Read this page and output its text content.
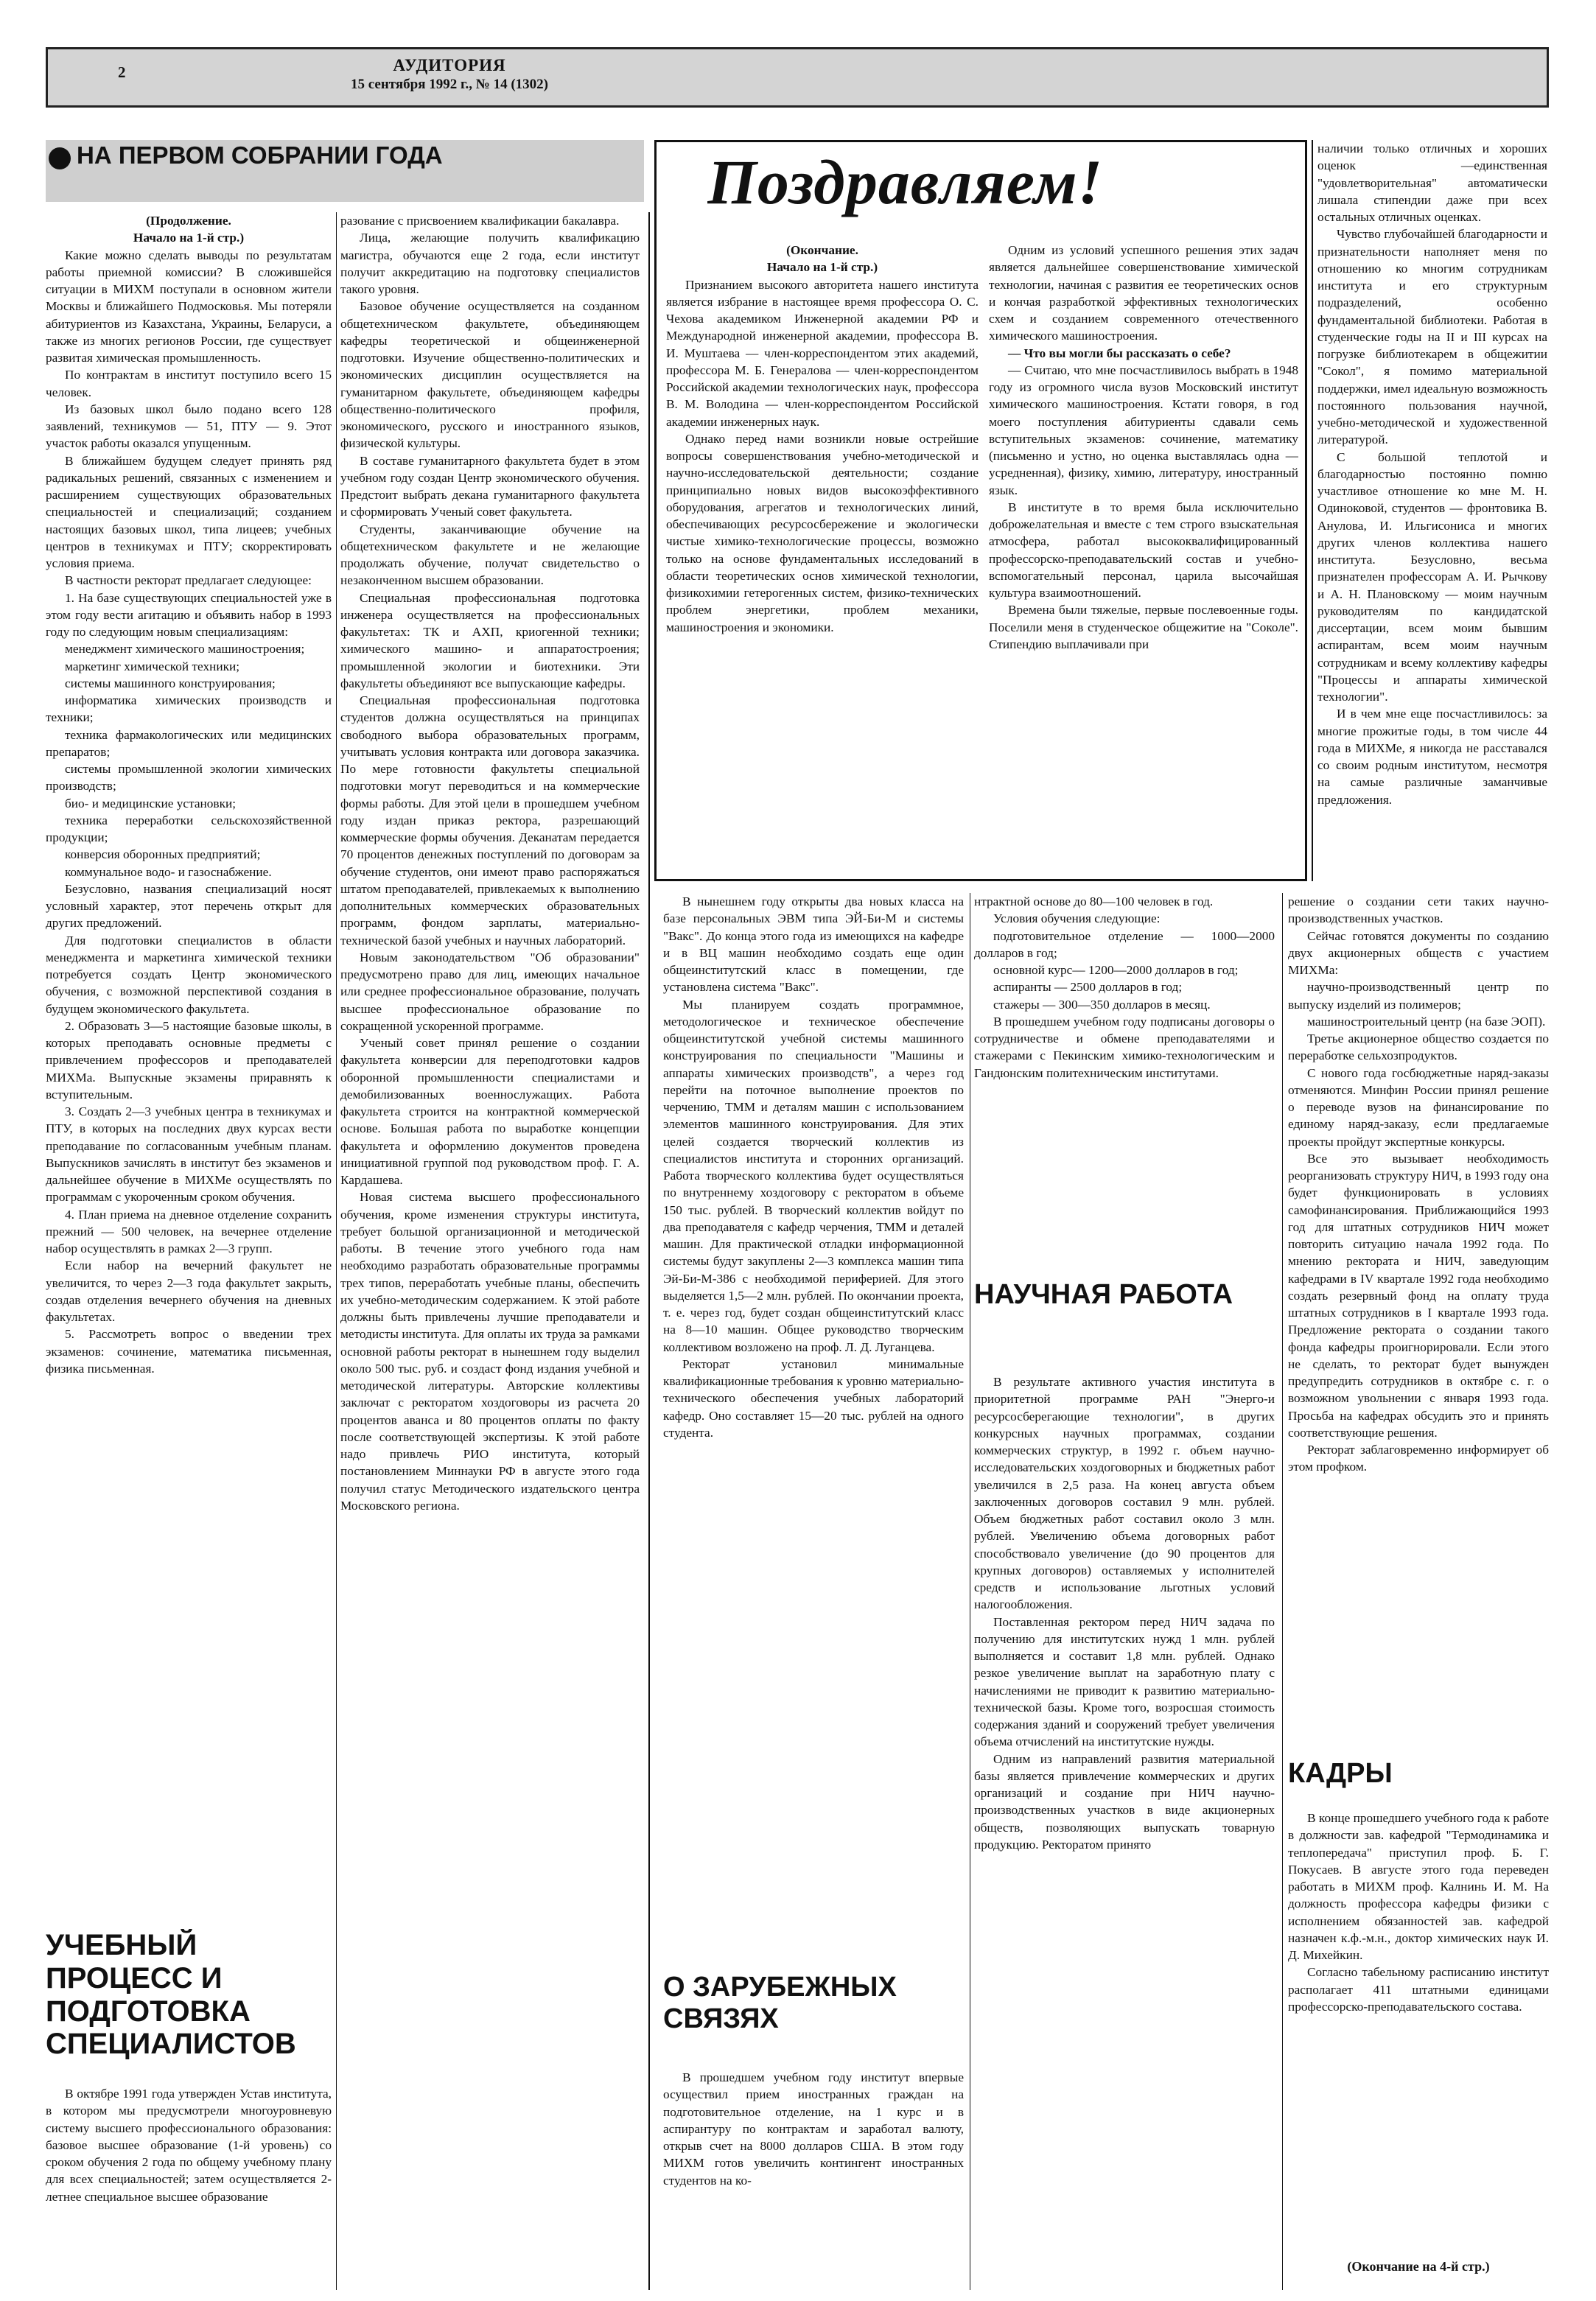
2	АУДИТОРИЯ
15 сентября 1992 г., № 14 (1302)
НА ПЕРВОМ СОБРАНИИ ГОДА

(Продолжение.

Начало на 1-й стр.)

Какие можно сделать выводы по результатам работы приемной комиссии? В сложившейся ситуации в МИХМ поступали в основном жители Москвы и ближайшего Подмосковья. Мы потеряли абитуриентов из Казахстана, Украины, Беларуси, а также из многих регионов России, где существует развитая химическая промышленность.

По контрактам в институт поступило всего 15 человек.

Из базовых школ было подано всего 128 заявлений, техникумов — 51, ПТУ — 9. Этот участок работы оказался упущенным.

В ближайшем будущем следует принять ряд радикальных решений, связанных с изменением и расширением существующих образовательных специальностей и специализаций; созданием настоящих базовых школ, типа лицеев; учебных центров в техникумах и ПТУ; скорректировать условия приема.

В частности ректорат предлагает следующее:

1. На базе существующих специальностей уже в этом году вести агитацию и объявить набор в 1993 году по следующим новым специализациям:

менеджмент химического машиностроения;

маркетинг химической техники;

системы машинного конструирования;

информатика химических производств и техники;

техника фармакологических или медицинских препаратов;

системы промышленной экологии химических производств;

био- и медицинские установки;

техника переработки сельскохозяйственной продукции;

конверсия оборонных предприятий;

коммунальное водо- и газоснабжение.

Безусловно, названия специализаций носят условный характер, этот перечень открыт для других предложений.

Для подготовки специалистов в области менеджмента и маркетинга химической техники потребуется создать Центр экономического обучения, с возможной перспективой создания в будущем экономического факультета.

2. Образовать 3—5 настоящие базовые школы, в которых преподавать основные предметы с привлечением профессоров и преподавателей МИХМа. Выпускные экзамены приравнять к вступительным.

3. Создать 2—3 учебных центра в техникумах и ПТУ, в которых на последних двух курсах вести преподавание по согласованным учебным планам. Выпускников зачислять в институт без экзаменов и дальнейшее обучение в МИХМе осуществлять по программам с укороченным сроком обучения.

4. План приема на дневное отделение сохранить прежний — 500 человек, на вечернее отделение набор осуществлять в рамках 2—3 групп.

Если набор на вечерний факультет не увеличится, то через 2—3 года факультет закрыть, создав отделения вечернего обучения на дневных факультетах.

5. Рассмотреть вопрос о введении трех экзаменов: сочинение, математика письменная, физика письменная.

УЧЕБНЫЙ ПРОЦЕСС И ПОДГОТОВКА СПЕЦИАЛИСТОВ

В октябре 1991 года утвержден Устав института, в котором мы предусмотрели многоуровневую систему высшего профессионального образования: базовое высшее образование (1-й уровень) со сроком обучения 2 года по общему учебному плану для всех специальностей; затем осуществляется 2-летнее специальное высшее образование

разование с присвоением квалификации бакалавра.

Лица, желающие получить квалификацию магистра, обучаются еще 2 года, если институт получит аккредитацию на подготовку специалистов такого уровня.

Базовое обучение осуществляется на созданном общетехническом факультете, объединяющем кафедры теоретической и общеинженерной подготовки. Изучение общественно-политических и экономических дисциплин осуществляется на гуманитарном факультете, объединяющем кафедры общественно-политического профиля, экономического, русского и иностранного языков, физической культуры.

В составе гуманитарного факультета будет в этом учебном году создан Центр экономического обучения. Предстоит выбрать декана гуманитарного факультета и сформировать Ученый совет факультета.

Студенты, заканчивающие обучение на общетехническом факультете и не желающие продолжать обучение, получат свидетельство о незаконченном высшем образовании.

Специальная профессиональная подготовка инженера осуществляется на профессиональных факультетах: ТК и АХП, криогенной техники; химического машино- и аппаратостроения; промышленной экологии и биотехники. Эти факультеты объединяют все выпускающие кафедры.

Специальная профессиональная подготовка студентов должна осуществляться на принципах свободного выбора образовательных программ, учитывать условия контракта или договора заказчика. По мере готовности факультеты специальной подготовки могут переводиться и на коммерческие формы работы. Для этой цели в прошедшем учебном году издан приказ ректора, разрешающий коммерческие формы обучения. Деканатам передается 70 процентов денежных поступлений по договорам за обучение студентов, они имеют право распоряжаться штатом преподавателей, привлекаемых к выполнению дополнительных коммерческих образовательных программ, фондом зарплаты, материально-технической базой учебных и научных лабораторий.

Новым законодательством "Об образовании" предусмотрено право для лиц, имеющих начальное или среднее профессиональное образование, получать высшее профессиональное образование по сокращенной ускоренной программе.

Ученый совет принял решение о создании факультета конверсии для переподготовки кадров оборонной промышленности специалистами и демобилизованных военнослужащих. Работа факультета строится на контрактной коммерческой основе. Большая работа по выработке концепции факультета и оформлению документов проведена инициативной группой под руководством проф. Г. А. Кардашева.

Новая система высшего профессионального обучения, кроме изменения структуры института, требует большой организационной и методической работы. В течение этого учебного года нам необходимо разработать образовательные программы трех типов, переработать учебные планы, обеспечить их учебно-методическим содержанием. К этой работе должны быть привлечены лучшие преподаватели и методисты института. Для оплаты их труда за рамками основной работы ректорат в нынешнем году выделил около 500 тыс. руб. и создаст фонд издания учебной и методической литературы. Авторские коллективы заключат с ректоратом хоздоговоры из расчета 20 процентов аванса и 80 процентов оплаты по факту после соответствующей экспертизы. К этой работе надо привлечь РИО института, который постановлением Миннауки РФ в августе этого года получил статус Методического издательского центра Московского региона.

Поздравляем!

(Окончание.

Начало на 1-й стр.)

Признанием высокого авторитета нашего института является избрание в настоящее время профессора О. С. Чехова академиком Инженерной академии РФ и Международной инженерной академии, профессора В. И. Муштаева — член-корреспондентом этих академий, профессора М. Б. Генералова — член-корреспондентом Российской академии технологических наук, профессора В. М. Володина — член-корреспондентом Российской академии инженерных наук.

Однако перед нами возникли новые острейшие вопросы совершенствования учебно-методической и научно-исследовательской деятельности; создание принципиально новых видов высокоэффективного оборудования, агрегатов и технологических линий, обеспечивающих ресурсосбережение и экологически чистые химико-технологические процессы, возможно только на основе фундаментальных исследований в области теоретических основ химической технологии, физикохимии гетерогенных систем, физико-технических проблем энергетики, проблем механики, машиностроения и экономики.

Одним из условий успешного решения этих задач является дальнейшее совершенствование химической технологии, начиная с развития ее теоретических основ и кончая разработкой эффективных технологических схем и созданием современного отечественного химического машиностроения.

— Что вы могли бы рассказать о себе?

— Считаю, что мне посчастливилось выбрать в 1948 году из огромного числа вузов Московский институт химического машиностроения. Кстати говоря, в год моего поступления абитуриенты сдавали семь вступительных экзаменов: сочинение, математику (письменно и устно, но оценка выставлялась одна — усредненная), физику, химию, литературу, иностранный язык.

В институте в то время была исключительно доброжелательная и вместе с тем строго взыскательная атмосфера, работал высококвалифицированный профессорско-преподавательский состав и учебно-вспомогательный персонал, царила высочайшая культура взаимоотношений.

Времена были тяжелые, первые послевоенные годы. Поселили меня в студенческое общежитие на "Соколе". Стипендию выплачивали при

наличии только отличных и хороших оценок —единственная "удовлетворительная" автоматически лишала стипендии даже при всех остальных отличных оценках.

Чувство глубочайшей благодарности и признательности наполняет меня по отношению ко многим сотрудникам института и его структурным подразделений, особенно фундаментальной библиотеки. Работая в студенческие годы на II и III курсах на погрузке библиотекарем в общежитии "Сокол", я помимо материальной поддержки, имел идеальную возможность постоянного пользования научной, учебно-методической и художественной литературой.

С большой теплотой и благодарностью постоянно помню участливое отношение ко мне М. Н. Одиноковой, студентов — фронтовика В. Анулова, И. Ильгисониса и многих других членов коллектива нашего института. Безусловно, весьма признателен профессорам А. И. Рычкову и А. Н. Плановскому — моим научным руководителям по кандидатской диссертации, всем моим бывшим аспирантам, всем моим научным сотрудникам и всему коллективу кафедры "Процессы и аппараты химической технологии".

И в чем мне еще посчастливилось: за многие прожитые годы, в том числе 44 года в МИХМе, я никогда не расставался со своим родным институтом, несмотря на самые различные заманчивые предложения.

В нынешнем году открыты два новых класса на базе персональных ЭВМ типа ЭЙ-Би-М и системы "Вакс". До конца этого года из имеющихся на кафедре и в ВЦ машин необходимо создать еще один общеинститутский класс в помещении, где установлена система "Вакс".

Мы планируем создать программное, методологическое и техническое обеспечение общеинститутской учебной системы машинного конструирования по специальности "Машины и аппараты химических производств", а через год перейти на поточное выполнение проектов по черчению, ТММ и деталям машин с использованием элементов машинного конструирования. Для этих целей создается творческий коллектив из специалистов института и сторонних организаций. Работа творческого коллектива будет осуществляться по внутреннему хоздоговору с ректоратом в объеме 150 тыс. рублей. В творческий коллектив войдут по два преподавателя с кафедр черчения, ТММ и деталей машин. Для практической отладки информационной системы будут закуплены 2—3 комплекса машин типа Эй-Би-М-386 с необходимой периферией. Для этого выделяется 1,5—2 млн. рублей. По окончании проекта, т. е. через год, будет создан общеинститутский класс на 8—10 машин. Общее руководство творческим коллективом возложено на проф. Л. Д. Луганцева.

Ректорат установил минимальные квалификационные требования к уровню материально-технического обеспечения учебных лабораторий кафедр. Оно составляет 15—20 тыс. рублей на одного студента.

О ЗАРУБЕЖНЫХ СВЯЗЯХ

В прошедшем учебном году институт впервые осуществил прием иностранных граждан на подготовительное отделение, на 1 курс и в аспирантуру по контрактам и заработал валюту, открыв счет на 8000 долларов США. В этом году МИХМ готов увеличить контингент иностранных студентов на ко-

нтрактной основе до 80—100 человек в год.

Условия обучения следующие:

подготовительное отделение — 1000—2000 долларов в год;

основной курс— 1200—2000 долларов в год;

аспиранты — 2500 долларов в год;

стажеры — 300—350 долларов в месяц.

В прошедшем учебном году подписаны договоры о сотрудничестве и обмене преподавателями и стажерами с Пекинским химико-технологическим и Гандюнским политехническим институтами.

НАУЧНАЯ РАБОТА

В результате активного участия института в приоритетной программе РАН "Энерго-и ресурсосберегающие технологии", в других конкурсных научных программах, создании коммерческих структур, в 1992 г. объем научно-исследовательских хоздоговорных и бюджетных работ увеличился в 2,5 раза. На конец августа объем заключенных договоров составил 9 млн. рублей. Объем бюджетных работ составил около 3 млн. рублей. Увеличению объема договорных работ способствовало увеличение (до 90 процентов для крупных договоров) оставляемых у исполнителей средств и использование льготных условий налогообложения.

Поставленная ректором перед НИЧ задача по получению для институтских нужд 1 млн. рублей выполняется и составит 1,8 млн. рублей. Однако резкое увеличение выплат на заработную плату с начислениями не приводит к развитию материально-технической базы. Кроме того, возросшая стоимость содержания зданий и сооружений требует увеличения объема отчислений на институтские нужды.

Одним из направлений развития материальной базы является привлечение коммерческих и других организаций и создание при НИЧ научно-производственных участков в виде акционерных обществ, позволяющих выпускать товарную продукцию. Ректоратом принято

решение о создании сети таких научно-производственных участков.

Сейчас готовятся документы по созданию двух акционерных обществ с участием МИХМа:

научно-производственный центр по выпуску изделий из полимеров;

машиностроительный центр (на базе ЭОП).

Третье акционерное общество создается по переработке сельхозпродуктов.

С нового года госбюджетные наряд-заказы отменяются. Минфин России принял решение о переводе вузов на финансирование по единому наряд-заказу, если предлагаемые проекты пройдут экспертные конкурсы.

Все это вызывает необходимость реорганизовать структуру НИЧ, в 1993 году она будет функционировать в условиях самофинансирования. Приближающийся 1993 год для штатных сотрудников НИЧ может повторить ситуацию начала 1992 года. По мнению ректората и НИЧ, заведующим кафедрами в IV квартале 1992 года необходимо создать резервный фонд на оплату труда штатных сотрудников в I квартале 1993 года. Предложение ректората о создании такого фонда кафедры проигнорировали. Если этого не сделать, то ректорат будет вынужден предупредить сотрудников в октябре с. г. о возможном увольнении с января 1993 года. Просьба на кафедрах обсудить это и принять соответствующие решения.

Ректорат заблаговременно информирует об этом профком.

КАДРЫ

В конце прошедшего учебного года к работе в должности зав. кафедрой "Термодинамика и теплопередача" приступил проф. Б. Г. Покусаев. В августе этого года переведен работать в МИХМ проф. Калнинь И. М. На должность профессора кафедры физики с исполнением обязанностей зав. кафедрой назначен к.ф.-м.н., доктор химических наук И. Д. Михейкин.

Согласно табельному расписанию институт располагает 411 штатными единицами профессорско-преподавательского состава.

(Окончание на 4-й стр.)
